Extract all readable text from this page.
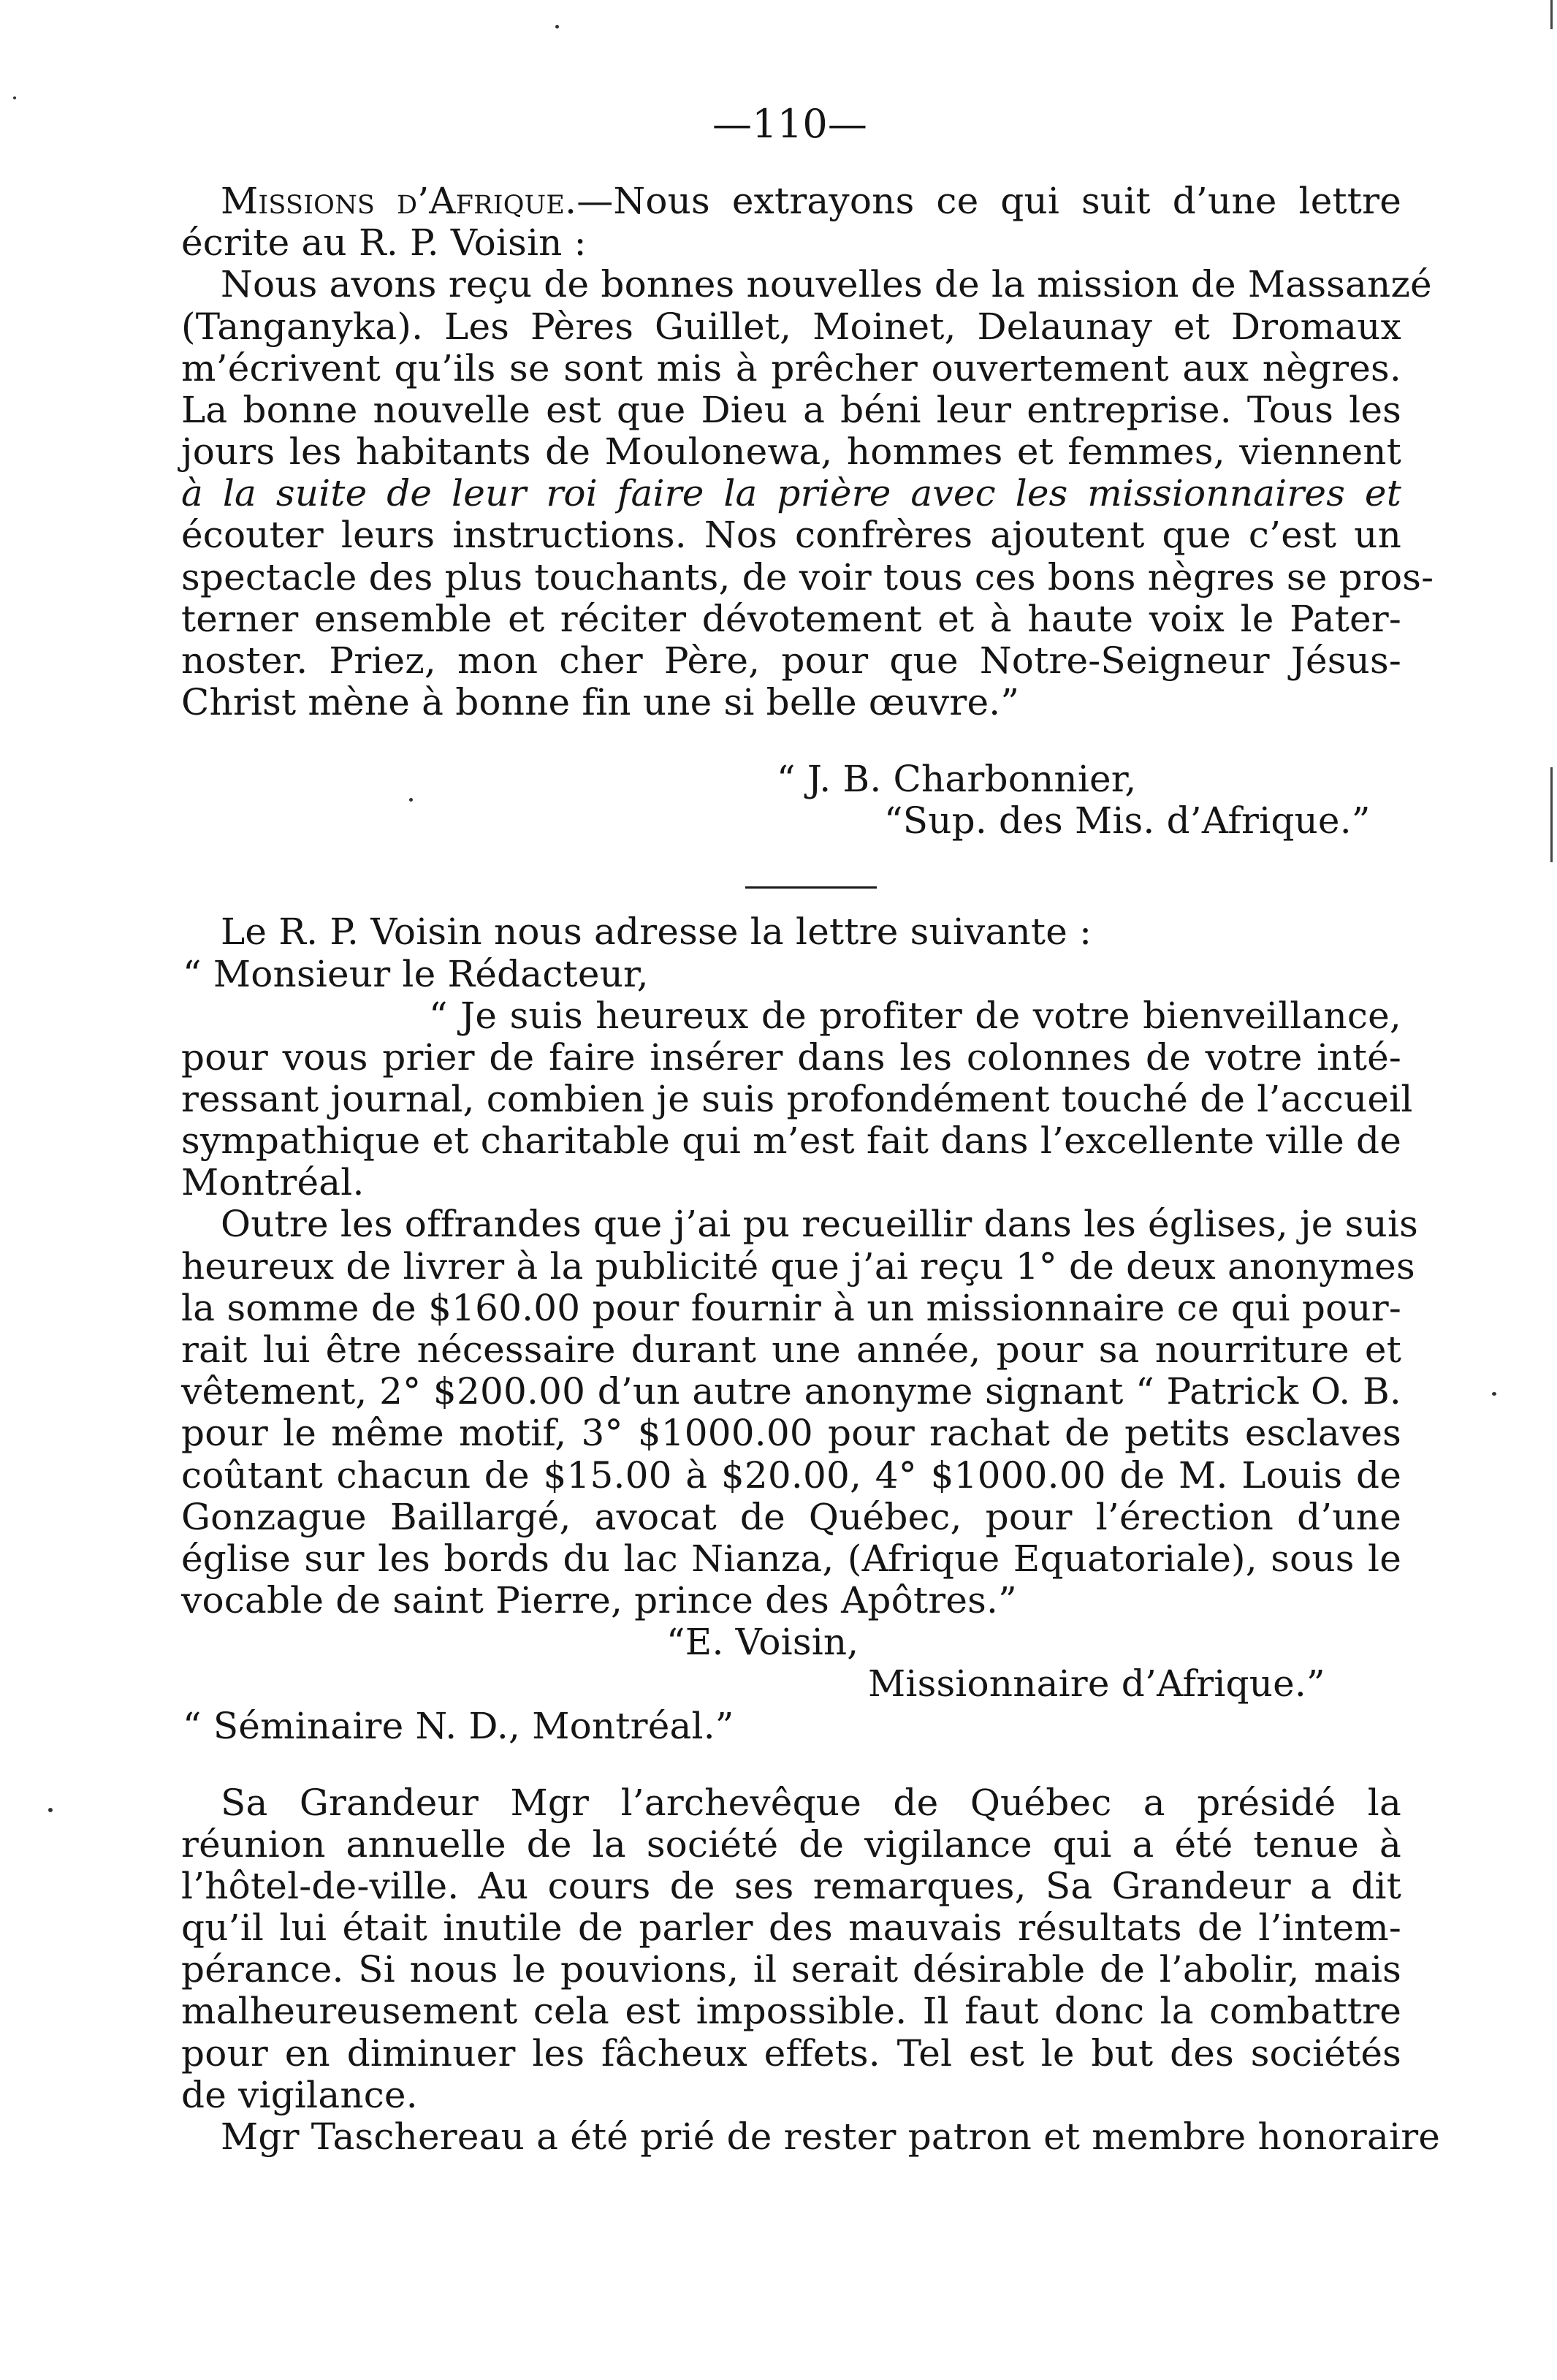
—110—
Missions d’Afrique.—Nous extrayons ce qui suit d’une lettre
écrite au R. P. Voisin :
Nous avons reçu de bonnes nouvelles de la mission de Massanzé
(Tanganyka). Les Pères Guillet, Moinet, Delaunay et Dromaux
m’écrivent qu’ils se sont mis à prêcher ouvertement aux nègres.
La bonne nouvelle est que Dieu a béni leur entreprise. Tous les
jours les habitants de Moulonewa, hommes et femmes, viennent
à la suite de leur roi faire la prière avec les missionnaires et
écouter leurs instructions. Nos confrères ajoutent que c’est un
spectacle des plus touchants, de voir tous ces bons nègres se pros-
terner ensemble et réciter dévotement et à haute voix le Pater-
noster. Priez, mon cher Père, pour que Notre-Seigneur Jésus-
Christ mène à bonne fin une si belle œuvre.”
“ J. B. Charbonnier,
“Sup. des Mis. d’Afrique.”
Le R. P. Voisin nous adresse la lettre suivante :
“ Monsieur le Rédacteur,
“ Je suis heureux de profiter de votre bienveillance,
pour vous prier de faire insérer dans les colonnes de votre inté-
ressant journal, combien je suis profondément touché de l’accueil
sympathique et charitable qui m’est fait dans l’excellente ville de
Montréal.
Outre les offrandes que j’ai pu recueillir dans les églises, je suis
heureux de livrer à la publicité que j’ai reçu 1° de deux anonymes
la somme de $160.00 pour fournir à un missionnaire ce qui pour-
rait lui être nécessaire durant une année, pour sa nourriture et
vêtement, 2° $200.00 d’un autre anonyme signant “ Patrick O. B.
pour le même motif, 3° $1000.00 pour rachat de petits esclaves
coûtant chacun de $15.00 à $20.00, 4° $1000.00 de M. Louis de
Gonzague Baillargé, avocat de Québec, pour l’érection d’une
église sur les bords du lac Nianza, (Afrique Equatoriale), sous le
vocable de saint Pierre, prince des Apôtres.”
“E. Voisin,
Missionnaire d’Afrique.”
“ Séminaire N. D., Montréal.”
Sa Grandeur Mgr l’archevêque de Québec a présidé la
réunion annuelle de la société de vigilance qui a été tenue à
l’hôtel-de-ville. Au cours de ses remarques, Sa Grandeur a dit
qu’il lui était inutile de parler des mauvais résultats de l’intem-
pérance. Si nous le pouvions, il serait désirable de l’abolir, mais
malheureusement cela est impossible. Il faut donc la combattre
pour en diminuer les fâcheux effets. Tel est le but des sociétés
de vigilance.
Mgr Taschereau a été prié de rester patron et membre honoraire
